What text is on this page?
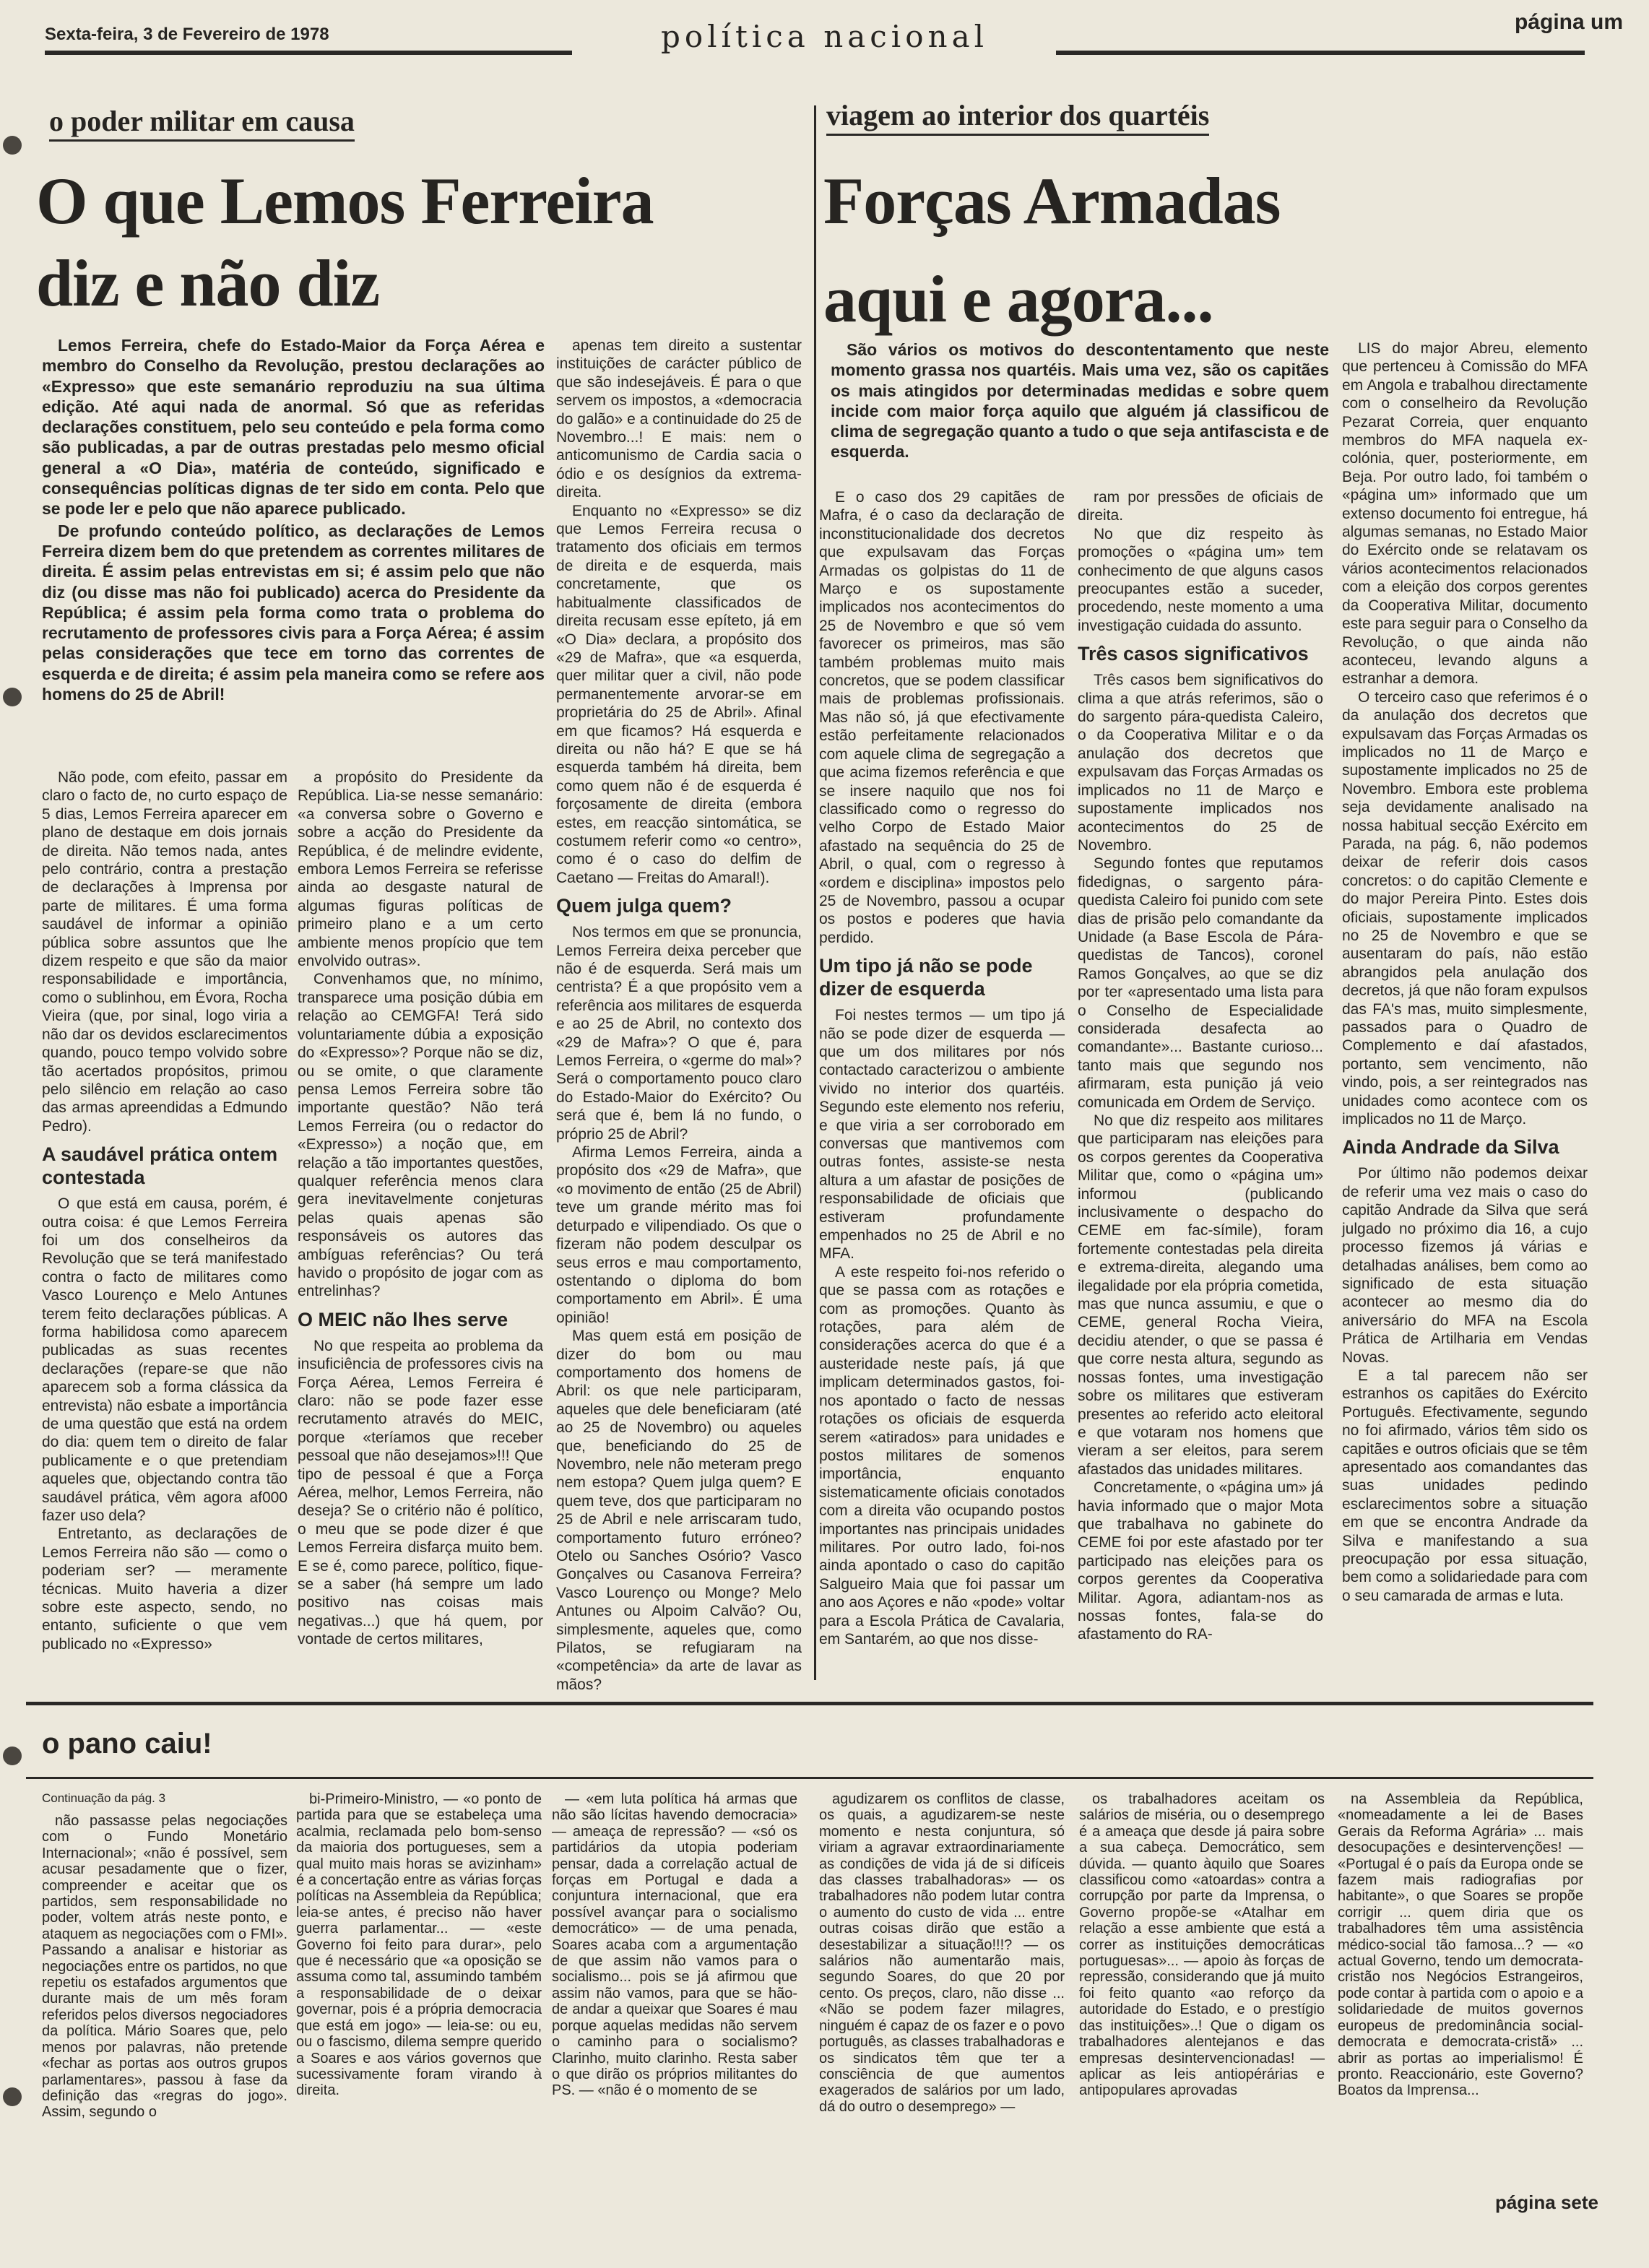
Sexta-feira, 3 de Fevereiro de 1978	política nacional	página um
o poder militar em causa
O que Lemos Ferreira
diz e não diz

Lemos Ferreira, chefe do Estado-Maior da Força Aérea e membro do Conselho da Revolução, prestou declarações ao «Expresso» que este semanário reproduziu na sua última edição. Até aqui nada de anormal. Só que as referidas declarações constituem, pelo seu conteúdo e pela forma como são publicadas, a par de outras prestadas pelo mesmo oficial general a «O Dia», matéria de conteúdo, significado e consequências políticas dignas de ter sido em conta. Pelo que se pode ler e pelo que não aparece publicado.

De profundo conteúdo político, as declarações de Lemos Ferreira dizem bem do que pretendem as correntes militares de direita. É assim pelas entrevistas em si; é assim pelo que não diz (ou disse mas não foi publicado) acerca do Presidente da República; é assim pela forma como trata o problema do recrutamento de professores civis para a Força Aérea; é assim pelas considerações que tece em torno das correntes de esquerda e de direita; é assim pela maneira como se refere aos homens do 25 de Abril!

Não pode, com efeito, passar em claro o facto de, no curto espaço de 5 dias, Lemos Ferreira aparecer em plano de destaque em dois jornais de direita. Não temos nada, antes pelo contrário, contra a prestação de declarações à Imprensa por parte de militares. É uma forma saudável de informar a opinião pública sobre assuntos que lhe dizem respeito e que são da maior responsabilidade e importância, como o sublinhou, em Évora, Rocha Vieira (que, por sinal, logo viria a não dar os devidos esclarecimentos quando, pouco tempo volvido sobre tão acertados propósitos, primou pelo silêncio em relação ao caso das armas apreendidas a Edmundo Pedro).

A saudável prática ontem contestada

O que está em causa, porém, é outra coisa: é que Lemos Ferreira foi um dos conselheiros da Revolução que se terá manifestado contra o facto de militares como Vasco Lourenço e Melo Antunes terem feito declarações públicas. A forma habilidosa como aparecem publicadas as suas recentes declarações (repare-se que não aparecem sob a forma clássica da entrevista) não esbate a importância de uma questão que está na ordem do dia: quem tem o direito de falar publicamente e o que pretendiam aqueles que, objectando contra tão saudável prática, vêm agora af000 fazer uso dela?

Entretanto, as declarações de Lemos Ferreira não são — como o poderiam ser? — meramente técnicas. Muito haveria a dizer sobre este aspecto, sendo, no entanto, suficiente o que vem publicado no «Expresso»

a propósito do Presidente da República. Lia-se nesse semanário: «a conversa sobre o Governo e sobre a acção do Presidente da República, é de melindre evidente, embora Lemos Ferreira se referisse ainda ao desgaste natural de algumas figuras políticas de primeiro plano e a um certo ambiente menos propício que tem envolvido outras».

Convenhamos que, no mínimo, transparece uma posição dúbia em relação ao CEMGFA! Terá sido voluntariamente dúbia a exposição do «Expresso»? Porque não se diz, ou se omite, o que claramente pensa Lemos Ferreira sobre tão importante questão? Não terá Lemos Ferreira (ou o redactor do «Expresso») a noção que, em relação a tão importantes questões, qualquer referência menos clara gera inevitavelmente conjeturas pelas quais apenas são responsáveis os autores das ambíguas referências? Ou terá havido o propósito de jogar com as entrelinhas?

O MEIC não lhes serve

No que respeita ao problema da insuficiência de professores civis na Força Aérea, Lemos Ferreira é claro: não se pode fazer esse recrutamento através do MEIC, porque «teríamos que receber pessoal que não desejamos»!!! Que tipo de pessoal é que a Força Aérea, melhor, Lemos Ferreira, não deseja? Se o critério não é político, o meu que se pode dizer é que Lemos Ferreira disfarça muito bem. E se é, como parece, político, fique-se a saber (há sempre um lado positivo nas coisas mais negativas...) que há quem, por vontade de certos militares,

apenas tem direito a sustentar instituições de carácter público de que são indesejáveis. É para o que servem os impostos, a «democracia do galão» e a continuidade do 25 de Novembro...! E mais: nem o anticomunismo de Cardia sacia o ódio e os desígnios da extrema-direita.

Enquanto no «Expresso» se diz que Lemos Ferreira recusa o tratamento dos oficiais em termos de direita e de esquerda, mais concretamente, que os habitualmente classificados de direita recusam esse epíteto, já em «O Dia» declara, a propósito dos «29 de Mafra», que «a esquerda, quer militar quer a civil, não pode permanentemente arvorar-se em proprietária do 25 de Abril». Afinal em que ficamos? Há esquerda e direita ou não há? E que se há esquerda também há direita, bem como quem não é de esquerda é forçosamente de direita (embora estes, em reacção sintomática, se costumem referir como «o centro», como é o caso do delfim de Caetano — Freitas do Amaral!).

Quem julga quem?

Nos termos em que se pronuncia, Lemos Ferreira deixa perceber que não é de esquerda. Será mais um centrista? É a que propósito vem a referência aos militares de esquerda e ao 25 de Abril, no contexto dos «29 de Mafra»? O que é, para Lemos Ferreira, o «germe do mal»? Será o comportamento pouco claro do Estado-Maior do Exército? Ou será que é, bem lá no fundo, o próprio 25 de Abril?

Afirma Lemos Ferreira, ainda a propósito dos «29 de Mafra», que «o movimento de então (25 de Abril) teve um grande mérito mas foi deturpado e vilipendiado. Os que o fizeram não podem desculpar os seus erros e mau comportamento, ostentando o diploma do bom comportamento em Abril». É uma opinião!

Mas quem está em posição de dizer do bom ou mau comportamento dos homens de Abril: os que nele participaram, aqueles que dele beneficiaram (até ao 25 de Novembro) ou aqueles que, beneficiando do 25 de Novembro, nele não meteram prego nem estopa? Quem julga quem? E quem teve, dos que participaram no 25 de Abril e nele arriscaram tudo, comportamento futuro erróneo? Otelo ou Sanches Osório? Vasco Gonçalves ou Casanova Ferreira? Vasco Lourenço ou Monge? Melo Antunes ou Alpoim Calvão? Ou, simplesmente, aqueles que, como Pilatos, se refugiaram na «competência» da arte de lavar as mãos?

viagem ao interior dos quartéis
Forças Armadas
aqui e agora...

São vários os motivos do descontentamento que neste momento grassa nos quartéis. Mais uma vez, são os capitães os mais atingidos por determinadas medidas e sobre quem incide com maior força aquilo que alguém já classificou de clima de segregação quanto a tudo o que seja antifascista e de esquerda.

E o caso dos 29 capitães de Mafra, é o caso da declaração de inconstitucionalidade dos decretos que expulsavam das Forças Armadas os golpistas do 11 de Março e os supostamente implicados nos acontecimentos do 25 de Novembro e que só vem favorecer os primeiros, mas são também problemas muito mais concretos, que se podem classificar mais de problemas profissionais. Mas não só, já que efectivamente estão perfeitamente relacionados com aquele clima de segregação a que acima fizemos referência e que se insere naquilo que nos foi classificado como o regresso do velho Corpo de Estado Maior afastado na sequência do 25 de Abril, o qual, com o regresso à «ordem e disciplina» impostos pelo 25 de Novembro, passou a ocupar os postos e poderes que havia perdido.

Um tipo já não se pode dizer de esquerda

Foi nestes termos — um tipo já não se pode dizer de esquerda — que um dos militares por nós contactado caracterizou o ambiente vivido no interior dos quartéis. Segundo este elemento nos referiu, e que viria a ser corroborado em conversas que mantivemos com outras fontes, assiste-se nesta altura a um afastar de posições de responsabilidade de oficiais que estiveram profundamente empenhados no 25 de Abril e no MFA.

A este respeito foi-nos referido o que se passa com as rotações e com as promoções. Quanto às rotações, para além de considerações acerca do que é a austeridade neste país, já que implicam determinados gastos, foi-nos apontado o facto de nessas rotações os oficiais de esquerda serem «atirados» para unidades e postos militares de somenos importância, enquanto sistematicamente oficiais conotados com a direita vão ocupando postos importantes nas principais unidades militares. Por outro lado, foi-nos ainda apontado o caso do capitão Salgueiro Maia que foi passar um ano aos Açores e não «pode» voltar para a Escola Prática de Cavalaria, em Santarém, ao que nos disse-

ram por pressões de oficiais de direita.

No que diz respeito às promoções o «página um» tem conhecimento de que alguns casos preocupantes estão a suceder, procedendo, neste momento a uma investigação cuidada do assunto.

Três casos significativos

Três casos bem significativos do clima a que atrás referimos, são o do sargento pára-quedista Caleiro, o da Cooperativa Militar e o da anulação dos decretos que expulsavam das Forças Armadas os implicados no 11 de Março e supostamente implicados nos acontecimentos do 25 de Novembro.

Segundo fontes que reputamos fidedignas, o sargento pára-quedista Caleiro foi punido com sete dias de prisão pelo comandante da Unidade (a Base Escola de Pára-quedistas de Tancos), coronel Ramos Gonçalves, ao que se diz por ter «apresentado uma lista para o Conselho de Especialidade considerada desafecta ao comandante»... Bastante curioso... tanto mais que segundo nos afirmaram, esta punição já veio comunicada em Ordem de Serviço.

No que diz respeito aos militares que participaram nas eleições para os corpos gerentes da Cooperativa Militar que, como o «página um» informou (publicando inclusivamente o despacho do CEME em fac-símile), foram fortemente contestadas pela direita e extrema-direita, alegando uma ilegalidade por ela própria cometida, mas que nunca assumiu, e que o CEME, general Rocha Vieira, decidiu atender, o que se passa é que corre nesta altura, segundo as nossas fontes, uma investigação sobre os militares que estiveram presentes ao referido acto eleitoral e que votaram nos homens que vieram a ser eleitos, para serem afastados das unidades militares.

Concretamente, o «página um» já havia informado que o major Mota que trabalhava no gabinete do CEME foi por este afastado por ter participado nas eleições para os corpos gerentes da Cooperativa Militar. Agora, adiantam-nos as nossas fontes, fala-se do afastamento do RA-

LIS do major Abreu, elemento que pertenceu à Comissão do MFA em Angola e trabalhou directamente com o conselheiro da Revolução Pezarat Correia, quer enquanto membros do MFA naquela ex-colónia, quer, posteriormente, em Beja. Por outro lado, foi também o «página um» informado que um extenso documento foi entregue, há algumas semanas, no Estado Maior do Exército onde se relatavam os vários acontecimentos relacionados com a eleição dos corpos gerentes da Cooperativa Militar, documento este para seguir para o Conselho da Revolução, o que ainda não aconteceu, levando alguns a estranhar a demora.

O terceiro caso que referimos é o da anulação dos decretos que expulsavam das Forças Armadas os implicados no 11 de Março e supostamente implicados no 25 de Novembro. Embora este problema seja devidamente analisado na nossa habitual secção Exército em Parada, na pág. 6, não podemos deixar de referir dois casos concretos: o do capitão Clemente e do major Pereira Pinto. Estes dois oficiais, supostamente implicados no 25 de Novembro e que se ausentaram do país, não estão abrangidos pela anulação dos decretos, já que não foram expulsos das FA's mas, muito simplesmente, passados para o Quadro de Complemento e daí afastados, portanto, sem vencimento, não vindo, pois, a ser reintegrados nas unidades como acontece com os implicados no 11 de Março.

Ainda Andrade da Silva

Por último não podemos deixar de referir uma vez mais o caso do capitão Andrade da Silva que será julgado no próximo dia 16, a cujo processo fizemos já várias e detalhadas análises, bem como ao significado de esta situação acontecer ao mesmo dia do aniversário do MFA na Escola Prática de Artilharia em Vendas Novas.

E a tal parecem não ser estranhos os capitães do Exército Português. Efectivamente, segundo no foi afirmado, vários têm sido os capitães e outros oficiais que se têm apresentado aos comandantes das suas unidades pedindo esclarecimentos sobre a situação em que se encontra Andrade da Silva e manifestando a sua preocupação por essa situação, bem como a solidariedade para com o seu camarada de armas e luta.

o pano caiu!
Continuação da pág. 3

não passasse pelas negociações com o Fundo Monetário Internacional»; «não é possível, sem acusar pesadamente que o fizer, compreender e aceitar que os partidos, sem responsabilidade no poder, voltem atrás neste ponto, e ataquem as negociações com o FMI». Passando a analisar e historiar as negociações entre os partidos, no que repetiu os estafados argumentos que durante mais de um mês foram referidos pelos diversos negociadores da política. Mário Soares que, pelo menos por palavras, não pretende «fechar as portas aos outros grupos parlamentares», passou à fase da definição das «regras do jogo». Assim, segundo o

bi-Primeiro-Ministro, — «o ponto de partida para que se estabeleça uma acalmia, reclamada pelo bom-senso da maioria dos portugueses, sem a qual muito mais horas se avizinham» é a concertação entre as várias forças políticas na Assembleia da República; leia-se antes, é preciso não haver guerra parlamentar... — «este Governo foi feito para durar», pelo que é necessário que «a oposição se assuma como tal, assumindo também a responsabilidade de o deixar governar, pois é a própria democracia que está em jogo» — leia-se: ou eu, ou o fascismo, dilema sempre querido a Soares e aos vários governos que sucessivamente foram virando à direita.

— «em luta política há armas que não são lícitas havendo democracia» — ameaça de repressão? — «só os partidários da utopia poderiam pensar, dada a correlação actual de forças em Portugal e dada a conjuntura internacional, que era possível avançar para o socialismo democrático» — de uma penada, Soares acaba com a argumentação de que assim não vamos para o socialismo... pois se já afirmou que assim não vamos, para que se hão-de andar a queixar que Soares é mau porque aquelas medidas não servem o caminho para o socialismo? Clarinho, muito clarinho. Resta saber o que dirão os próprios militantes do PS. — «não é o momento de se

agudizarem os conflitos de classe, os quais, a agudizarem-se neste momento e nesta conjuntura, só viriam a agravar extraordinariamente as condições de vida já de si difíceis das classes trabalhadoras» — os trabalhadores não podem lutar contra o aumento do custo de vida ... entre outras coisas dirão que estão a desestabilizar a situação!!!? — os salários não aumentarão mais, segundo Soares, do que 20 por cento. Os preços, claro, não disse ... «Não se podem fazer milagres, ninguém é capaz de os fazer e o povo português, as classes trabalhadoras e os sindicatos têm que ter a consciência de que aumentos exagerados de salários por um lado, dá do outro o desemprego» —

os trabalhadores aceitam os salários de miséria, ou o desemprego é a ameaça que desde já paira sobre a sua cabeça. Democrático, sem dúvida. — quanto àquilo que Soares classificou como «atoardas» contra a corrupção por parte da Imprensa, o Governo propõe-se «Atalhar em relação a esse ambiente que está a correr as instituições democráticas portuguesas»... — apoio às forças de repressão, considerando que já muito foi feito quanto «ao reforço da autoridade do Estado, e o prestígio das instituições»..! Que o digam os trabalhadores alentejanos e das empresas desintervencionadas! — aplicar as leis antiopérárias e antipopulares aprovadas

na Assembleia da República, «nomeadamente a lei de Bases Gerais da Reforma Agrária» ... mais desocupações e desintervenções! — «Portugal é o país da Europa onde se fazem mais radiografias por habitante», o que Soares se propõe corrigir ... quem diria que os trabalhadores têm uma assistência médico-social tão famosa...? — «o actual Governo, tendo um democrata-cristão nos Negócios Estrangeiros, pode contar à partida com o apoio e a solidariedade de muitos governos europeus de predominância social-democrata e democrata-cristã» ... abrir as portas ao imperialismo! É pronto. Reaccionário, este Governo? Boatos da Imprensa...

página sete
